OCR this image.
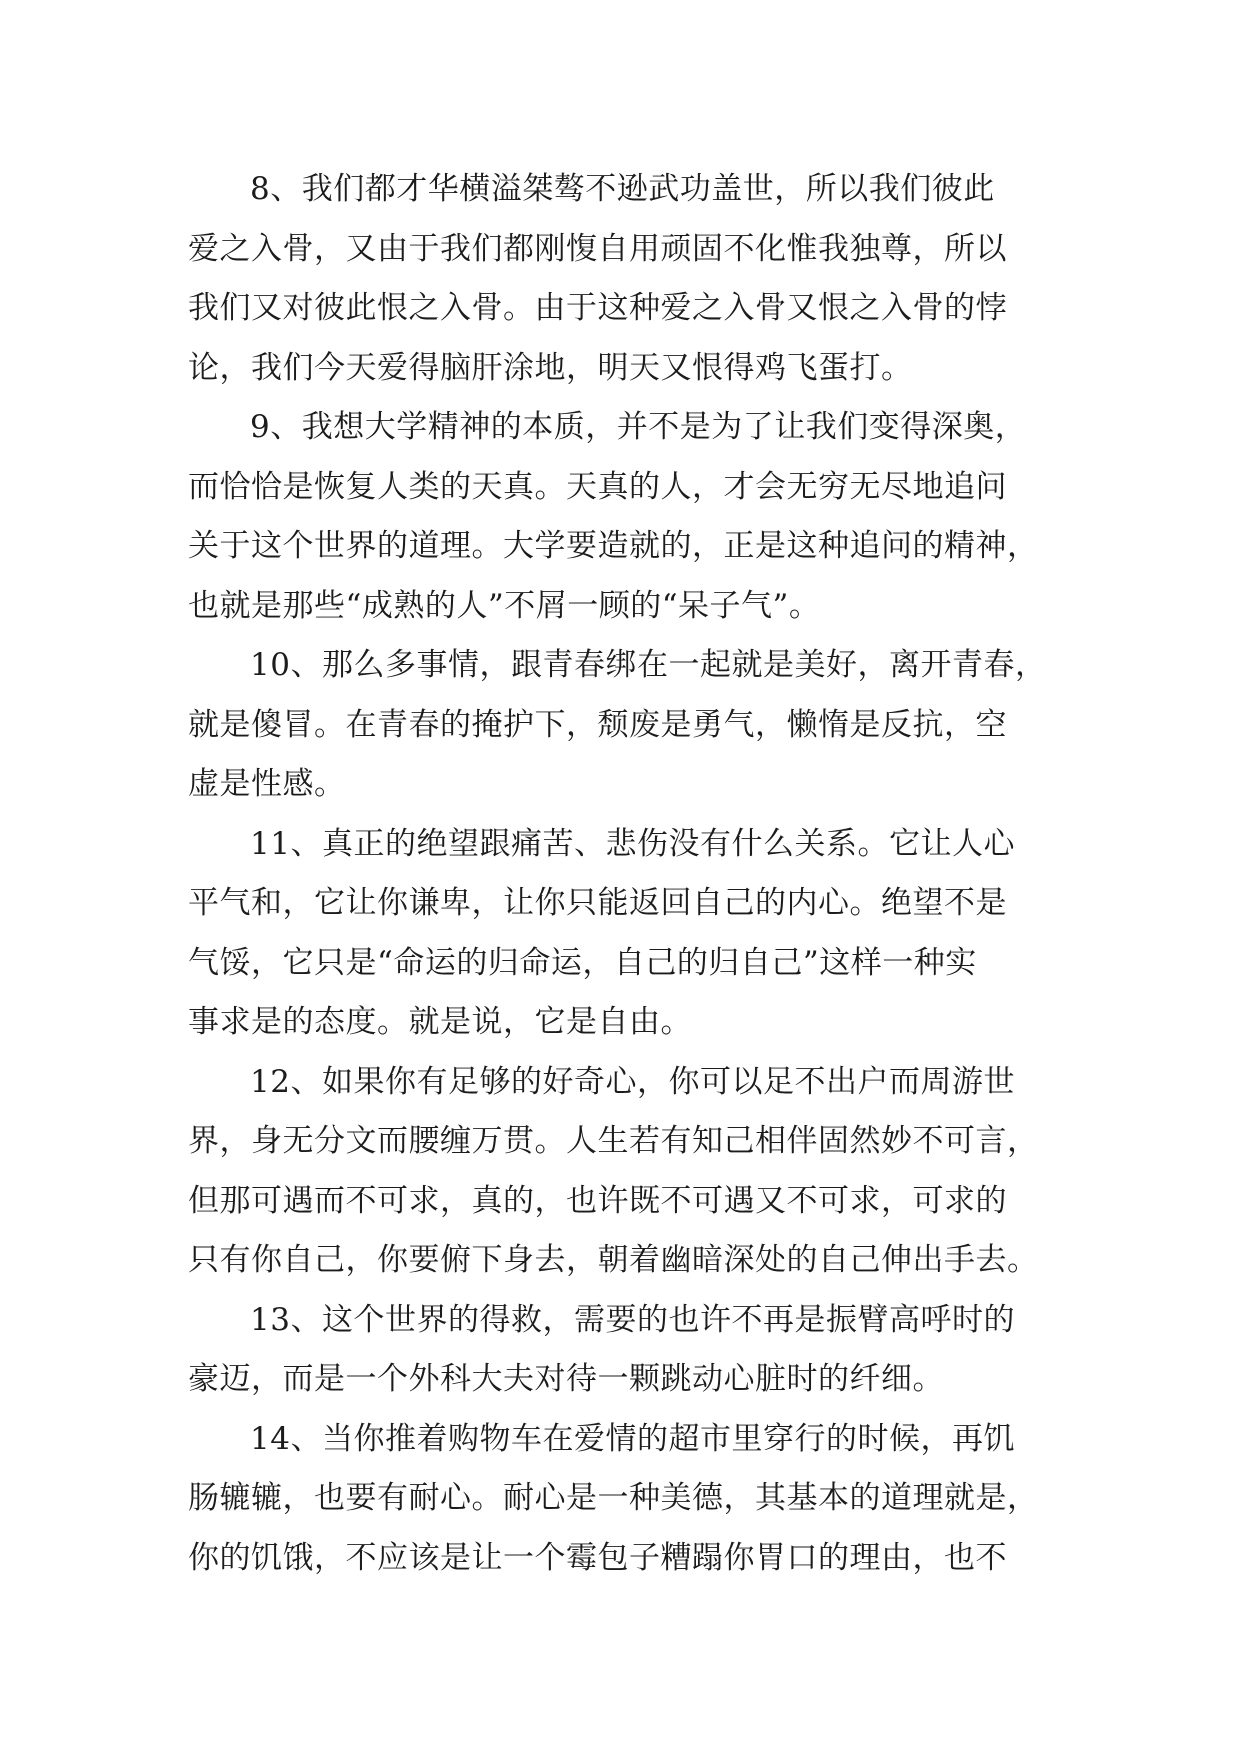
8、我们都才华横溢桀骜不逊武功盖世，所以我们彼此
爱之入骨，又由于我们都刚愎自用顽固不化惟我独尊，所以
我们又对彼此恨之入骨。由于这种爱之入骨又恨之入骨的悖
论，我们今天爱得脑肝涂地，明天又恨得鸡飞蛋打。

9、我想大学精神的本质，并不是为了让我们变得深奥，
而恰恰是恢复人类的天真。天真的人，才会无穷无尽地追问
关于这个世界的道理。大学要造就的，正是这种追问的精神，
也就是那些“成熟的人”不屑一顾的“呆子气”。

10、那么多事情，跟青春绑在一起就是美好，离开青春，
就是傻冒。在青春的掩护下，颓废是勇气，懒惰是反抗，空
虚是性感。

11、真正的绝望跟痛苦、悲伤没有什么关系。它让人心
平气和，它让你谦卑，让你只能返回自己的内心。绝望不是
气馁，它只是“命运的归命运，自己的归自己”这样一种实
事求是的态度。就是说，它是自由。

12、如果你有足够的好奇心，你可以足不出户而周游世
界，身无分文而腰缠万贯。人生若有知己相伴固然妙不可言，
但那可遇而不可求，真的，也许既不可遇又不可求，可求的
只有你自己，你要俯下身去，朝着幽暗深处的自己伸出手去。

13、这个世界的得救，需要的也许不再是振臂高呼时的
豪迈，而是一个外科大夫对待一颗跳动心脏时的纤细。

14、当你推着购物车在爱情的超市里穿行的时候，再饥
肠辘辘，也要有耐心。耐心是一种美德，其基本的道理就是，
你的饥饿，不应该是让一个霉包子糟蹋你胃口的理由，也不
